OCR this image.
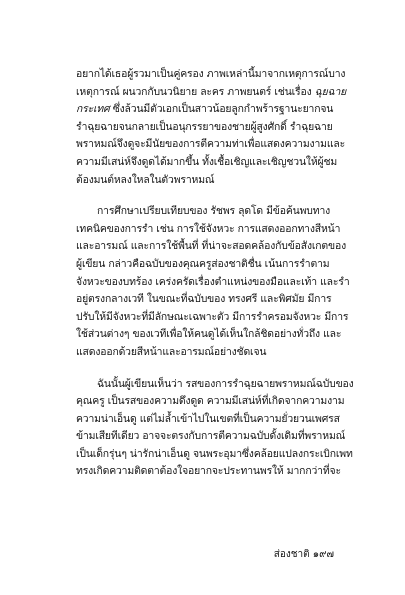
อยากได้เธอผู้รวมาเป็นคู่ครอง ภาพเหล่านี้มาจากเหตุการณ์บาง
เหตุการณ์ ผนวกกับนวนิยาย ละคร ภาพยนตร์ เช่นเรื่อง ฉุยฉาย
กระเทศ ซึ่งล้วนมีตัวเอกเป็นสาวน้อยลูกกำพร้ารฐานะยากจน
รำฉุยฉายจนกลายเป็นอนุกรรยาของชายผู้สูงศักดิ์ รำฉุยฉาย
พราหมณ์จึงดูจะมีนัยของการตีความท่าเพื่อแสดงความงามและ
ความมีเสน่ห์จึงดูดได้มากขึ้น ทั้งเชื้อเชิญและเชิญชวนให้ผู้ชม
ต้องมนต์หลงใหลในตัวพราหมณ์
การศึกษาเปรียบเทียบของ รัชพร ลุดโด มีข้อค้นพบทาง
เทคนิคของการรำ เช่น การใช้จังหวะ การแสดงออกทางสีหน้า
และอารมณ์ และการใช้พื้นที่ ที่น่าจะสอดคล้องกับข้อสังเกตของ
ผู้เขียน กล่าวคือฉบับของคุณครูส่องชาติชื่น เน้นการรำตาม
จังหวะของบทร้อง เคร่งครัดเรื่องตำแหน่งของมือและเท้า และรำ
อยู่ตรงกลางเวที ในขณะที่ฉบับของ ทรงศรี และพิศมัย มีการ
ปรับให้มีจังหวะที่มีลักษณะเฉพาะตัว มีการรำครอมจังหวะ มีการ
ใช้ส่วนต่างๆ ของเวทีเพื่อให้คนดูได้เห็นใกล้ชิดอย่างทั่วถึง และ
แสดงออกด้วยสีหน้าและอารมณ์อย่างชัดเจน
ฉันนั้นผู้เขียนเห็นว่า รสของการรำฉุยฉายพราหมณ์ฉบับของ
คุณครู เป็นรสของความดึงดูด ความมีเสน่ห์ที่เกิดจากความงาม
ความน่าเอ็นดู แต่ไม่ล้ำเข้าไปในเขตที่เป็นความยั่วยวนเพศรส
ข้ามเสียทีเดียว อาจจะตรงกับการตีความฉบับดั้งเดิมที่พราหมณ์
เป็นเด็กรุ่นๆ น่ารักน่าเอ็นดู จนพระอุมาซึ่งคล้อยแปลงกระเบิกเพท
ทรงเกิดความติดตาต้องใจอยากจะประทานพรให้ มากกว่าที่จะ
ส่องชาติ ๑๙๗
